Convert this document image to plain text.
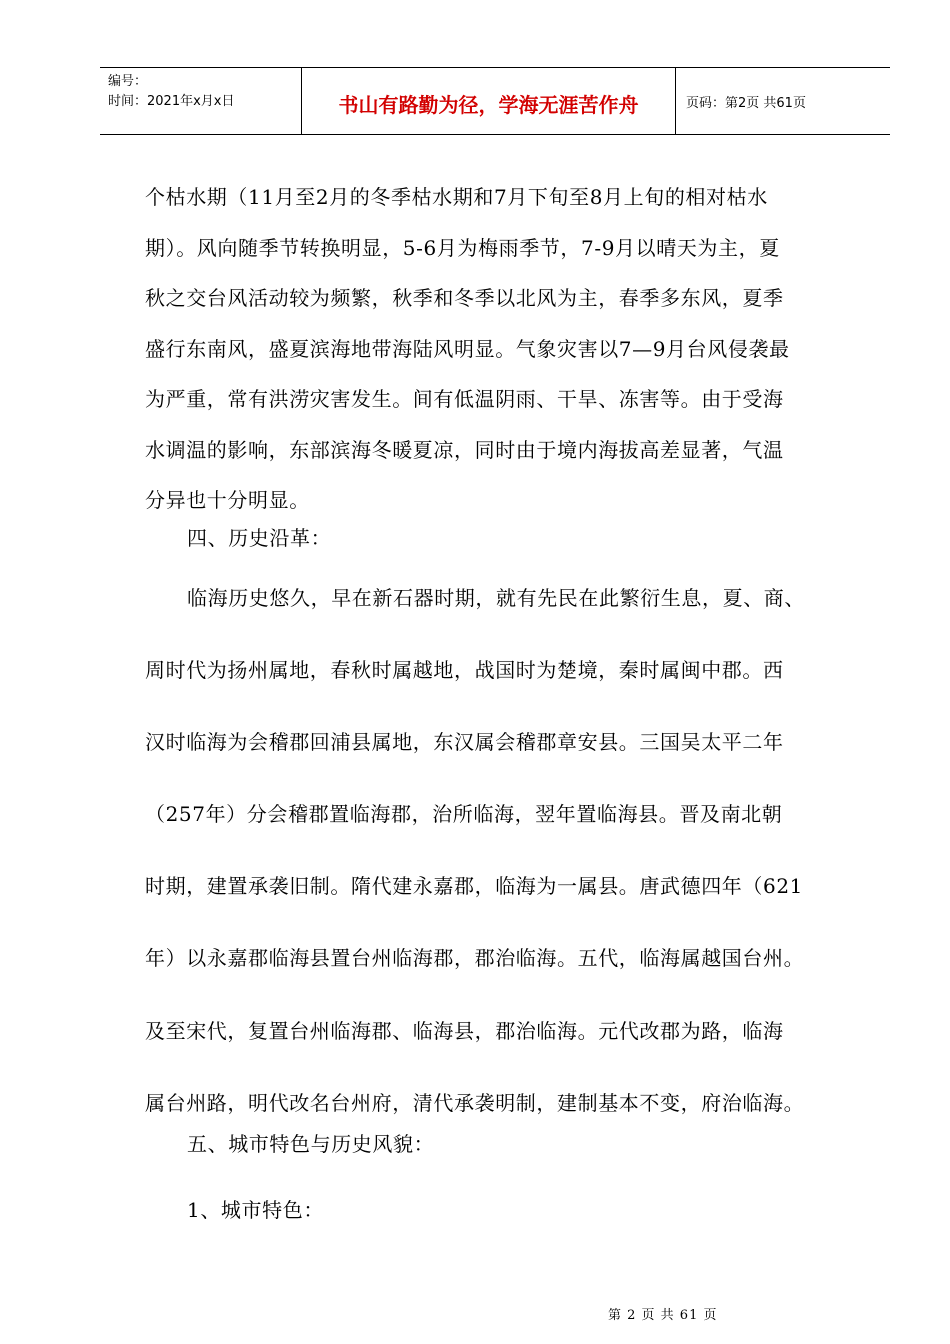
编号：
时间：2021年x月x日	书山有路勤为径，学海无涯苦作舟	页码：第2页 共61页
个枯水期（11月至2月的冬季枯水期和7月下旬至8月上旬的相对枯水
期）。风向随季节转换明显，5-6月为梅雨季节，7-9月以晴天为主，夏
秋之交台风活动较为频繁，秋季和冬季以北风为主，春季多东风，夏季
盛行东南风，盛夏滨海地带海陆风明显。气象灾害以7—9月台风侵袭最
为严重，常有洪涝灾害发生。间有低温阴雨、干旱、冻害等。由于受海
水调温的影响，东部滨海冬暖夏凉，同时由于境内海拔高差显著，气温
分异也十分明显。
四、历史沿革：
临海历史悠久，早在新石器时期，就有先民在此繁衍生息，夏、商、
周时代为扬州属地，春秋时属越地，战国时为楚境，秦时属闽中郡。西
汉时临海为会稽郡回浦县属地，东汉属会稽郡章安县。三国吴太平二年
（257年）分会稽郡置临海郡，治所临海，翌年置临海县。晋及南北朝
时期，建置承袭旧制。隋代建永嘉郡，临海为一属县。唐武德四年（621
年）以永嘉郡临海县置台州临海郡，郡治临海。五代，临海属越国台州。
及至宋代，复置台州临海郡、临海县，郡治临海。元代改郡为路，临海
属台州路，明代改名台州府，清代承袭明制，建制基本不变，府治临海。
五、城市特色与历史风貌：
1、城市特色：
第 2 页 共 61 页
